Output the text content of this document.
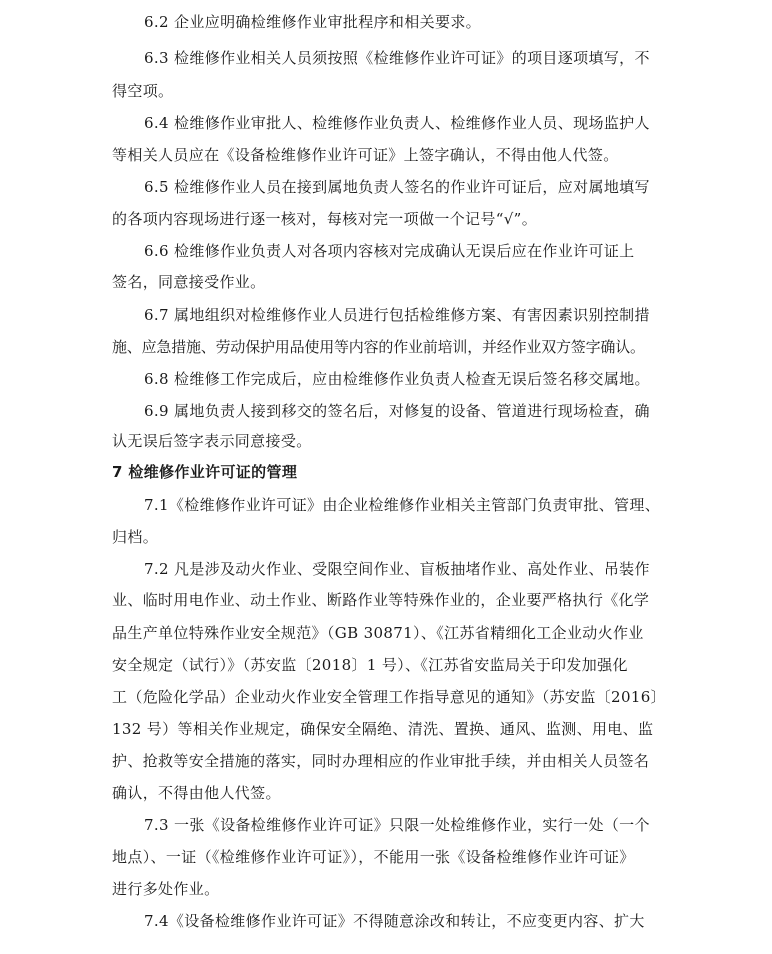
6.2 企业应明确检维修作业审批程序和相关要求。
6.3 检维修作业相关人员须按照《检维修作业许可证》的项目逐项填写，不
得空项。
6.4 检维修作业审批人、检维修作业负责人、检维修作业人员、现场监护人
等相关人员应在《设备检维修作业许可证》上签字确认，不得由他人代签。
6.5 检维修作业人员在接到属地负责人签名的作业许可证后，应对属地填写
的各项内容现场进行逐一核对，每核对完一项做一个记号“√”。
6.6 检维修作业负责人对各项内容核对完成确认无误后应在作业许可证上
签名，同意接受作业。
6.7 属地组织对检维修作业人员进行包括检维修方案、有害因素识别控制措
施、应急措施、劳动保护用品使用等内容的作业前培训，并经作业双方签字确认。
6.8 检维修工作完成后，应由检维修作业负责人检查无误后签名移交属地。
6.9 属地负责人接到移交的签名后，对修复的设备、管道进行现场检查，确
认无误后签字表示同意接受。
7 检维修作业许可证的管理
7.1《检维修作业许可证》由企业检维修作业相关主管部门负责审批、管理、
归档。
7.2 凡是涉及动火作业、受限空间作业、盲板抽堵作业、高处作业、吊装作
业、临时用电作业、动土作业、断路作业等特殊作业的，企业要严格执行《化学
品生产单位特殊作业安全规范》（GB 30871）、《江苏省精细化工企业动火作业
安全规定（试行）》（苏安监〔2018〕1 号）、《江苏省安监局关于印发加强化
工（危险化学品）企业动火作业安全管理工作指导意见的通知》（苏安监〔2016〕
132 号）等相关作业规定，确保安全隔绝、清洗、置换、通风、监测、用电、监
护、抢救等安全措施的落实，同时办理相应的作业审批手续，并由相关人员签名
确认，不得由他人代签。
7.3 一张《设备检维修作业许可证》只限一处检维修作业，实行一处（一个
地点）、一证（《检维修作业许可证》），不能用一张《设备检维修作业许可证》
进行多处作业。
7.4《设备检维修作业许可证》不得随意涂改和转让，不应变更内容、扩大
